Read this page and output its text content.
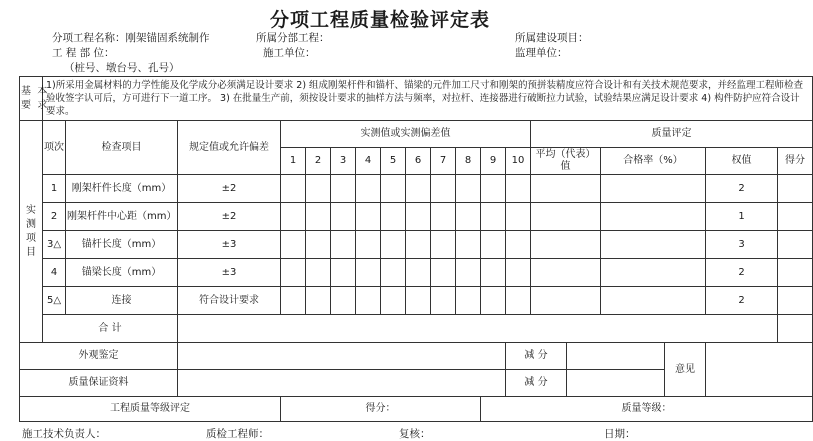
分项工程质量检验评定表
分项工程名称：刚架锚固系统制作	所属分部工程：	所属建设项目：
工 程 部 位：	施工单位：	监理单位：
（桩号、墩台号、孔号）
基 本
要 求	1)所采用金属材料的力学性能及化学成分必须满足设计要求 2) 组成刚架杆件和锚杆、锚梁的元件加工尺寸和刚架的预拼装精度应符合设计和有关技术规范要求，并经监理工程师检查验收签字认可后，方可进行下一道工序。 3) 在批量生产前，须按设计要求的抽样方法与频率，对拉杆、连接器进行破断拉力试验，试验结果应满足设计要求 4) 构件防护应符合设计要求。																		
实
测
项
目	项次	检查项目	规定值或允许偏差	实测值或实测偏差值										质量评定					
				1	2	3	4	5	6	7	8	9	10	平均（代表）值		合格率（%）		权值	得分
	1	刚架杆件长度（mm）	±2															2	
	2	刚架杆件中心距（mm）	±2															1	
	3△	锚杆长度（mm）	±3															3	
	4	锚梁长度（mm）	±3															2	
	5△	连接	符合设计要求															2	
	合 计																		
外观鉴定													减 分				意见		
质量保证资料													减 分						
工程质量等级评定				得分：								质量等级：							
施工技术负责人：	质检工程师：	复核：	日期：
